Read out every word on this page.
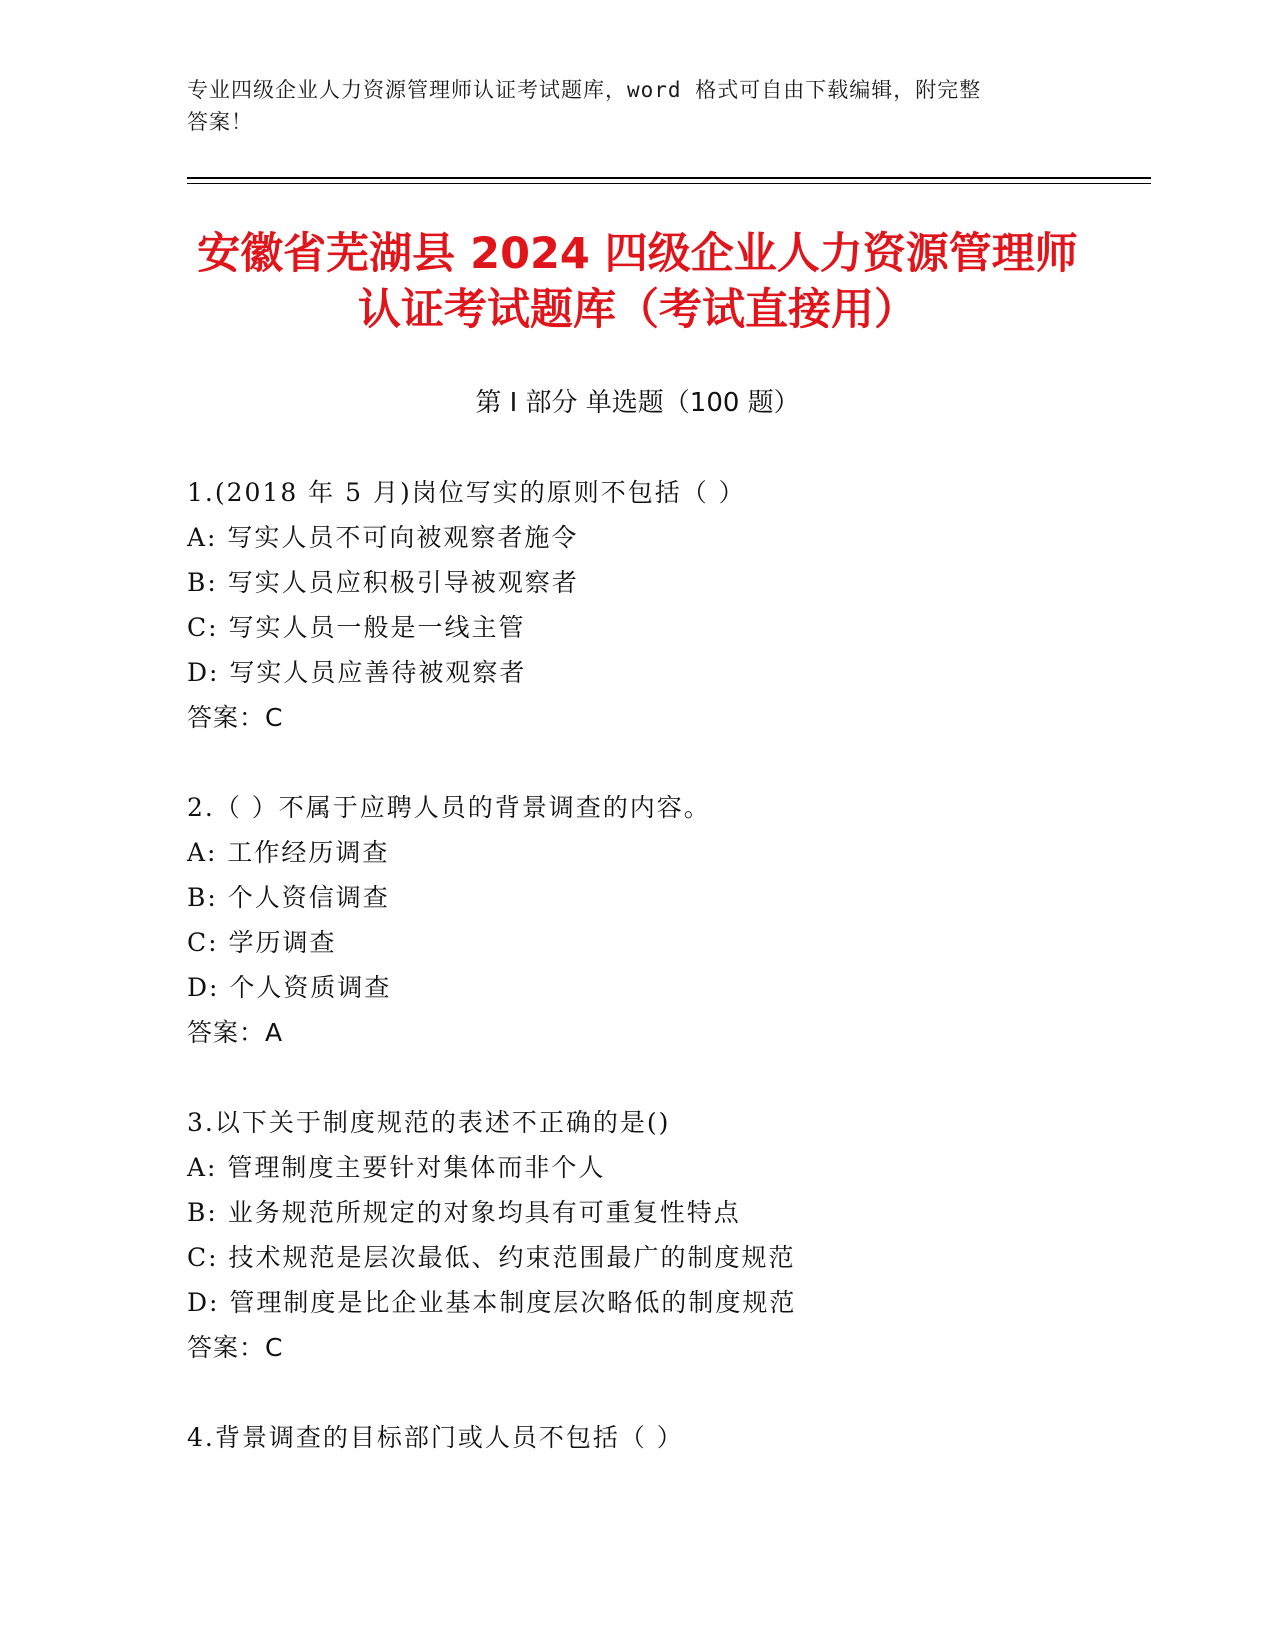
专业四级企业人力资源管理师认证考试题库，word 格式可自由下载编辑，附完整
答案！
安徽省芜湖县 2024 四级企业人力资源管理师
认证考试题库（考试直接用）
第 I 部分 单选题（100 题）
1.(2018 年 5 月)岗位写实的原则不包括（ ）
A: 写实人员不可向被观察者施令
B: 写实人员应积极引导被观察者
C: 写实人员一般是一线主管
D: 写实人员应善待被观察者
答案：C
2.（ ）不属于应聘人员的背景调查的内容。
A: 工作经历调查
B: 个人资信调查
C: 学历调查
D: 个人资质调查
答案：A
3.以下关于制度规范的表述不正确的是()
A: 管理制度主要针对集体而非个人
B: 业务规范所规定的对象均具有可重复性特点
C: 技术规范是层次最低、约束范围最广的制度规范
D: 管理制度是比企业基本制度层次略低的制度规范
答案：C
4.背景调查的目标部门或人员不包括（ ）
